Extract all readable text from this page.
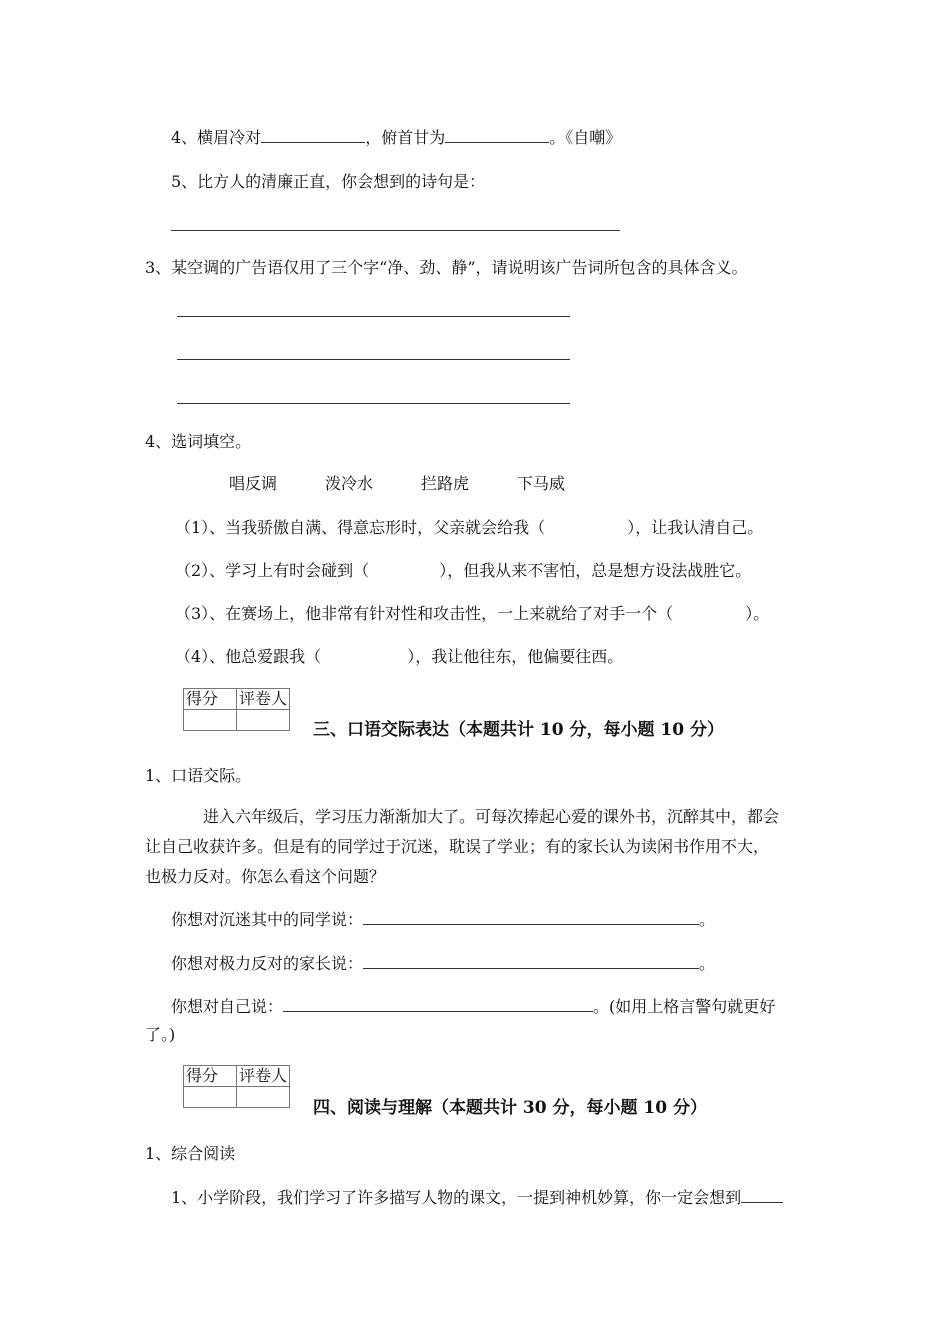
4、横眉冷对	，俯首甘为	。《自嘲》
5、比方人的清廉正直，你会想到的诗句是：
3、某空调的广告语仅用了三个字“净、劲、静”，请说明该广告词所包含的具体含义。
4、选词填空。
唱反调	泼冷水	拦路虎	下马威
（1）、当我骄傲自满、得意忘形时，父亲就会给我（	），让我认清自己。
（2）、学习上有时会碰到（	），但我从来不害怕，总是想方设法战胜它。
（3）、在赛场上，他非常有针对性和攻击性，一上来就给了对手一个（	）。
（4）、他总爱跟我（	），我让他往东，他偏要往西。
得分	评卷人

三、口语交际表达（本题共计 10 分，每小题 10 分）
1、口语交际。
进入六年级后，学习压力渐渐加大了。可每次捧起心爱的课外书，沉醉其中，都会
让自己收获许多。但是有的同学过于沉迷，耽误了学业；有的家长认为读闲书作用不大，
也极力反对。你怎么看这个问题？
你想对沉迷其中的同学说：	。
你想对极力反对的家长说：	。
你想对自己说：	。(如用上格言警句就更好
了。)
得分	评卷人

四、阅读与理解（本题共计 30 分，每小题 10 分）
1、综合阅读
1、小学阶段，我们学习了许多描写人物的课文，一提到神机妙算，你一定会想到
